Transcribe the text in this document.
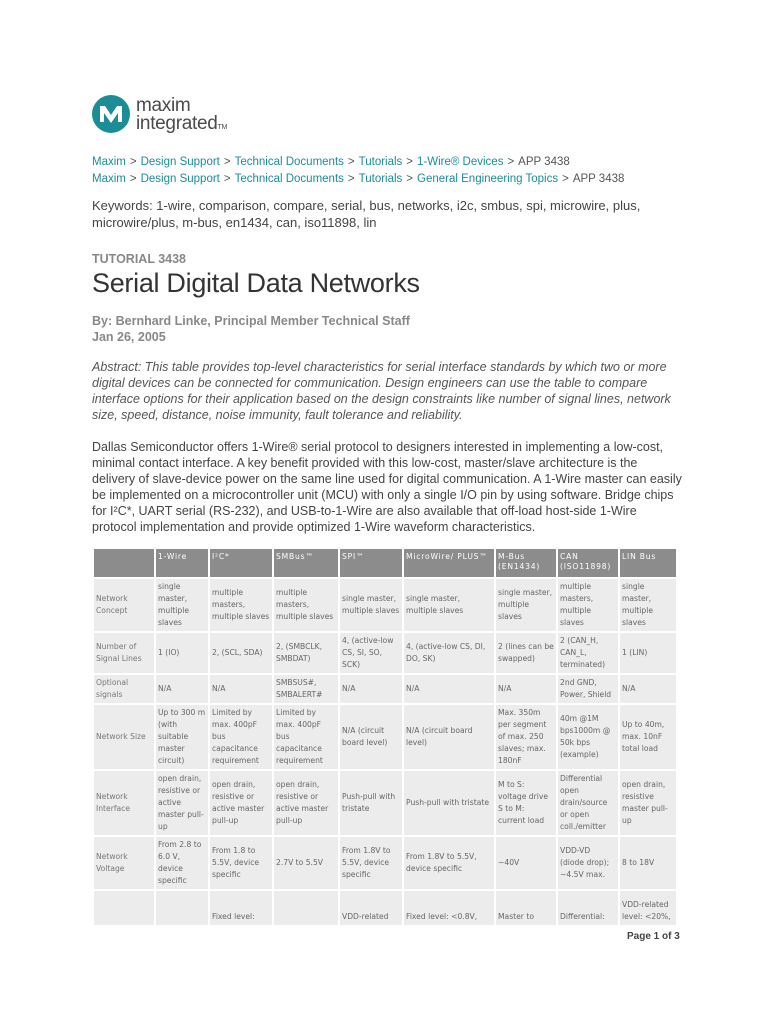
maxim
integratedTM
Maxim > Design Support > Technical Documents > Tutorials > 1-Wire® Devices > APP 3438
Maxim > Design Support > Technical Documents > Tutorials > General Engineering Topics > APP 3438
Keywords: 1-wire, comparison, compare, serial, bus, networks, i2c, smbus, spi, microwire, plus, microwire/plus, m-bus, en1434, can, iso11898, lin
TUTORIAL 3438
Serial Digital Data Networks
By: Bernhard Linke, Principal Member Technical Staff
Jan 26, 2005

Abstract: This table provides top-level characteristics for serial interface standards by which two or more digital devices can be connected for communication. Design engineers can use the table to compare interface options for their application based on the design constraints like number of signal lines, network size, speed, distance, noise immunity, fault tolerance and reliability.

Dallas Semiconductor offers 1-Wire® serial protocol to designers interested in implementing a low-cost, minimal contact interface. A key benefit provided with this low-cost, master/slave architecture is the delivery of slave-device power on the same line used for digital communication. A 1-Wire master can easily be implemented on a microcontroller unit (MCU) with only a single I/O pin by using software. Bridge chips for I²C*, UART serial (RS-232), and USB-to-1-Wire are also available that off-load host-side 1-Wire protocol implementation and provide optimized 1-Wire waveform characteristics.

	1-Wire	I²C*	SMBus™	SPI™	MicroWire/ PLUS™	M-Bus (EN1434)	CAN (ISO11898)	LIN Bus
Network Concept	single master, multiple slaves	multiple masters, multiple slaves	multiple masters, multiple slaves	single master, multiple slaves	single master, multiple slaves	single master, multiple slaves	multiple masters, multiple slaves	single master, multiple slaves
Number of Signal Lines	1 (IO)	2, (SCL, SDA)	2, (SMBCLK, SMBDAT)	4, (active-low CS, SI, SO, SCK)	4, (active-low CS, DI, DO, SK)	2 (lines can be swapped)	2 (CAN_H, CAN_L, terminated)	1 (LIN)
Optional signals	N/A	N/A	SMBSUS#, SMBALERT#	N/A	N/A	N/A	2nd GND, Power, Shield	N/A
Network Size	Up to 300 m (with suitable master circuit)	Limited by max. 400pF bus capacitance requirement	Limited by max. 400pF bus capacitance requirement	N/A (circuit board level)	N/A (circuit board level)	Max. 350m per segment of max. 250 slaves; max. 180nF	40m @1M bps1000m @ 50k bps (example)	Up to 40m, max. 10nF total load
Network Interface	open drain, resistive or active master pull-up	open drain, resistive or active master pull-up	open drain, resistive or active master pull-up	Push-pull with tristate	Push-pull with tristate	M to S: voltage drive S to M: current load	Differential open drain/source or open coll./emitter	open drain, resistive master pull-up
Network Voltage	From 2.8 to 6.0 V, device specific	From 1.8 to 5.5V, device specific	2.7V to 5.5V	From 1.8V to 5.5V, device specific	From 1.8V to 5.5V, device specific	~40V	VDD-VD (diode drop); ~4.5V max.	8 to 18V
		Fixed level:		VDD-related	Fixed level: <0.8V,	Master to	Differential:	VDD-related level: <20%,
Page 1 of 3
